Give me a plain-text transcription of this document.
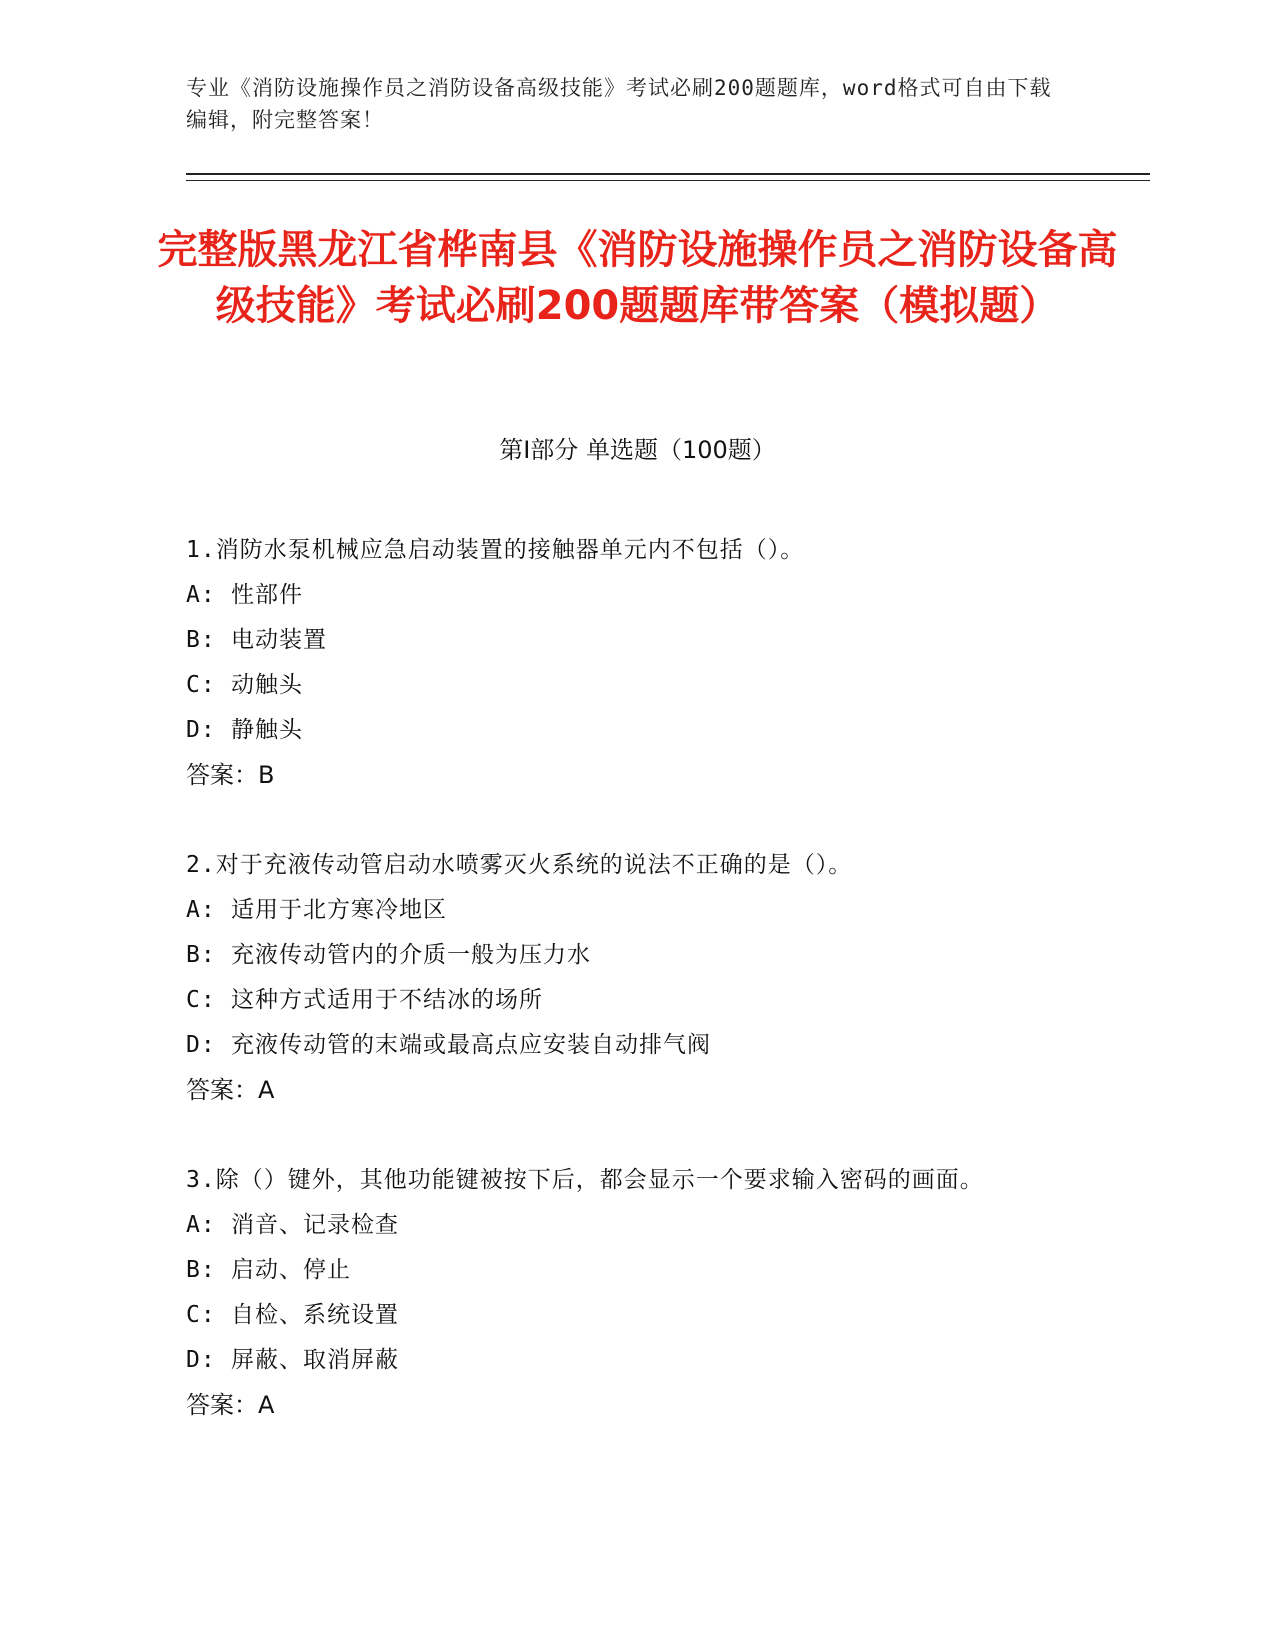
专业《消防设施操作员之消防设备高级技能》考试必刷200题题库，word格式可自由下载编辑，附完整答案！
完整版黑龙江省桦南县《消防设施操作员之消防设备高级技能》考试必刷200题题库带答案（模拟题）
第Ⅰ部分 单选题（100题）
1.消防水泵机械应急启动装置的接触器单元内不包括（）。
A: 性部件
B: 电动装置
C: 动触头
D: 静触头
答案：B
2.对于充液传动管启动水喷雾灭火系统的说法不正确的是（）。
A: 适用于北方寒冷地区
B: 充液传动管内的介质一般为压力水
C: 这种方式适用于不结冰的场所
D: 充液传动管的末端或最高点应安装自动排气阀
答案：A
3.除（）键外，其他功能键被按下后，都会显示一个要求输入密码的画面。
A: 消音、记录检查
B: 启动、停止
C: 自检、系统设置
D: 屏蔽、取消屏蔽
答案：A
